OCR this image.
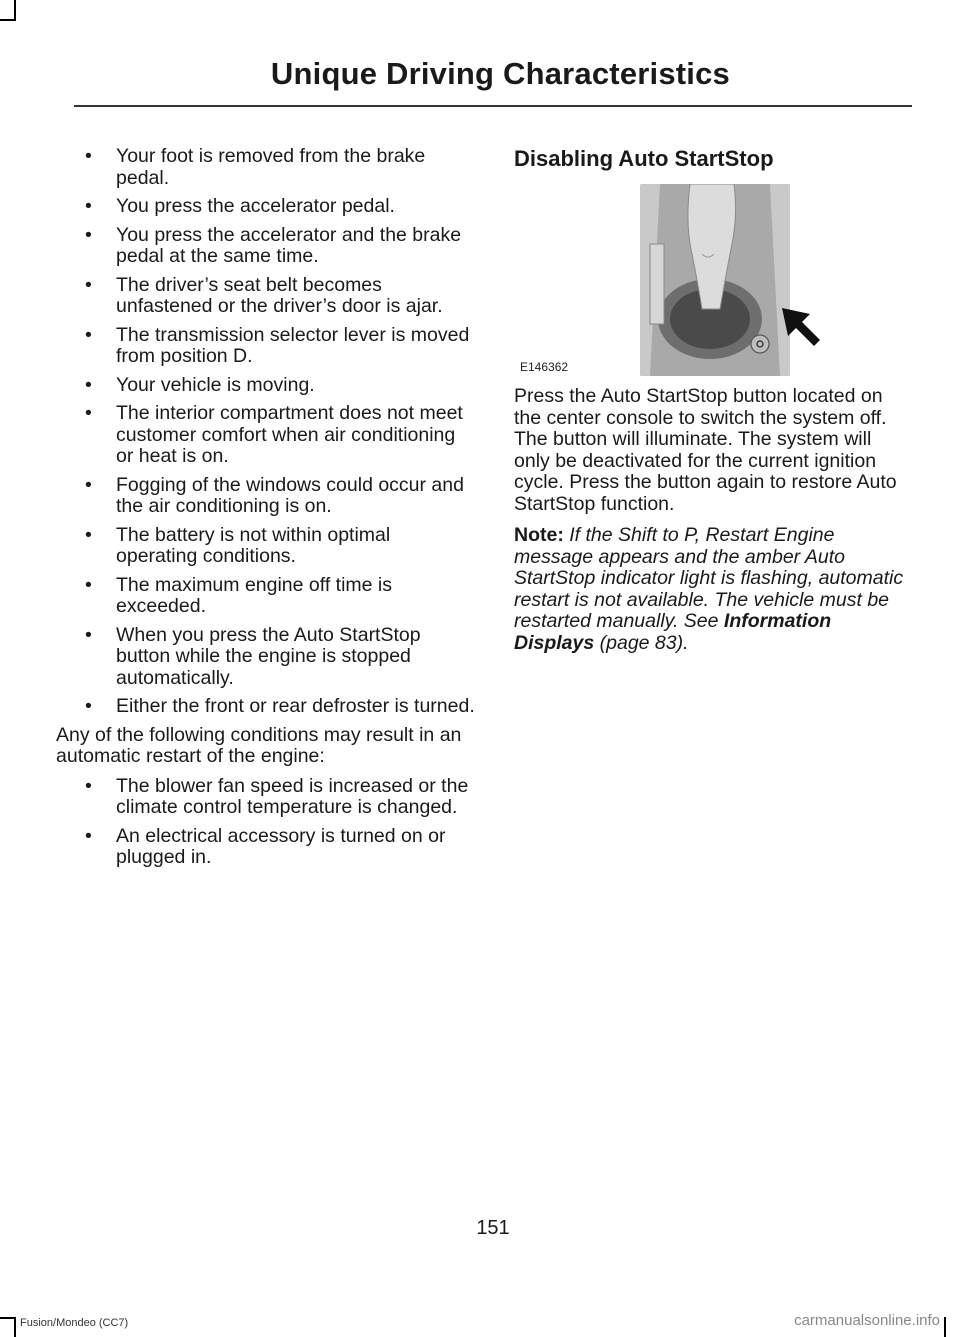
Unique Driving Characteristics
• Your foot is removed from the brake pedal.
• You press the accelerator pedal.
• You press the accelerator and the brake pedal at the same time.
• The driver’s seat belt becomes unfastened or the driver’s door is ajar.
• The transmission selector lever is moved from position D.
• Your vehicle is moving.
• The interior compartment does not meet customer comfort when air conditioning or heat is on.
• Fogging of the windows could occur and the air conditioning is on.
• The battery is not within optimal operating conditions.
• The maximum engine off time is exceeded.
• When you press the Auto StartStop button while the engine is stopped automatically.
• Either the front or rear defroster is turned.

Any of the following conditions may result in an automatic restart of the engine:

• The blower fan speed is increased or the climate control temperature is changed.
• An electrical accessory is turned on or plugged in.
Disabling Auto StartStop
E146362

Press the Auto StartStop button located on the center console to switch the system off. The button will illuminate. The system will only be deactivated for the current ignition cycle. Press the button again to restore Auto StartStop function.

Note: If the Shift to P, Restart Engine message appears and the amber Auto StartStop indicator light is flashing, automatic restart is not available. The vehicle must be restarted manually. See Information Displays (page 83).

151
Fusion/Mondeo (CC7)	carmanualsonline.info
